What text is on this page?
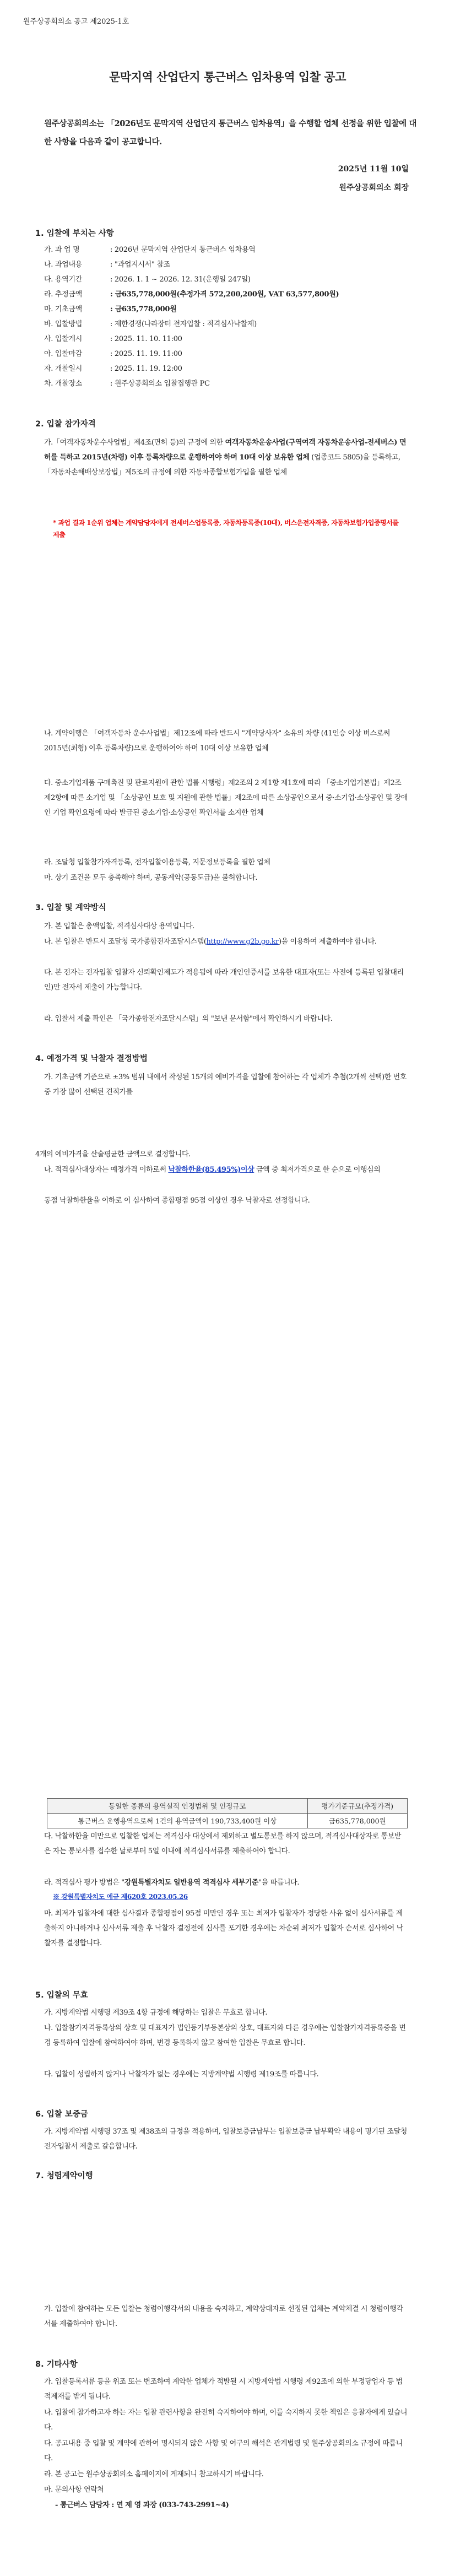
원주상공회의소 공고 제2025-1호
문막지역 산업단지 통근버스 임차용역 입찰 공고
원주상공회의소는 「2026년도 문막지역 산업단지 통근버스 임차용역」을 수행할 업체 선정을 위한 입찰에 대한 사항을 다음과 같이 공고합니다.
2025년 11월 10일
원주상공회의소 회장
1. 입찰에 부치는 사항
가. 과 업 명	: 2026년 문막지역 산업단지 통근버스 임차용역
나. 과업내용	: "과업지시서" 참조
다. 용역기간	: 2026. 1. 1 ~ 2026. 12. 31(운행일 247일)
라. 추정금액	: 금635,778,000원(추정가격 572,200,200원, VAT 63,577,800원)
마. 기초금액	: 금635,778,000원
바. 입찰방법	: 제한경쟁(나라장터 전자입찰 : 적격심사낙찰제)
사. 입찰게시	: 2025. 11. 10. 11:00
아. 입찰마감	: 2025. 11. 19. 11:00
자. 개찰일시	: 2025. 11. 19. 12:00
차. 개찰장소	: 원주상공회의소 입찰집행관 PC
2. 입찰 참가자격
가.「여객자동차운수사업법」제4조(면허 등)의 규정에 의한 여객자동차운송사업(구역여객 자동차운송사업-전세버스) 면허를 득하고 2015년(차령) 이후 등록차량으로 운행하여야 하며 10대 이상 보유한 업체 (업종코드 5805)을 등록하고, 「자동차손해배상보장법」제5조의 규정에 의한 자동차종합보험가입을 필한 업체
* 과업 결과 1순위 업체는 계약담당자에게 전세버스업등록증, 자동차등록증(10대), 버스운전자격증, 자동차보험가입증명서를 제출
나. 계약이행은 「여객자동차 운수사업법」제12조에 따라 반드시 "계약당사자" 소유의 차량 (41인승 이상 버스로써 2015년(최형) 이후 등록차량)으로 운행하여야 하며 10대 이상 보유한 업체
다. 중소기업제품 구매촉진 및 판로지원에 관한 법률 시행령」제2조의 2 제1항 제1호에 따라 「중소기업기본법」제2조 제2항에 따른 소기업 및 「소상공인 보호 및 지원에 관한 법률」제2조에 따른 소상공인으로서 중·소기업·소상공인 및 장애인 기업 확인요령에 따라 발급된 중소기업·소상공인 확인서를 소지한 업체
라. 조달청 입찰참가자격등록, 전자입찰이용등록, 지문정보등록을 필한 업체
마. 상기 조건을 모두 충족해야 하며, 공동계약(공동도급)을 불허합니다.
3. 입찰 및 계약방식
가. 본 입찰은 총액입찰, 적격심사대상 용역입니다.
나. 본 입찰은 반드시 조달청 국가종합전자조달시스템(http://www.g2b.go.kr)을 이용하여 제출하여야 합니다.
다. 본 전자는 전자입찰 입찰자 신뢰확인제도가 적용됨에 따라 개인인증서를 보유한 대표자(또는 사전에 등록된 입찰대리인)만 전자서 제출이 가능합니다.
라. 입찰서 제출 확인은 「국가종합전자조달시스템」의 "보낸 문서함"에서 확인하시기 바랍니다.
4. 예정가격 및 낙찰자 결정방법
가. 기초금액 기준으로 ±3% 범위 내에서 작성된 15개의 예비가격을 입찰에 참여하는 각 업체가 추첨(2개씩 선택)한 번호 중 가장 많이 선택된 견적가를
4개의 예비가격을 산술평균한 금액으로 결정합니다.
나. 적격심사대상자는 예정가격 이하로써 낙찰하한율(85.495%)이상 금액 중 최저가격으로 한 순으로 이행심의
동점 낙찰하한율을 이하로 이 심사하여 종합평점 95점 이상인 경우 낙찰자로 선정합니다.
동일한 종류의 용역실적 인정범위 및 인정규모	평가기준규모(추정가격)
통근버스 운행용역으로써 1건의 용역금액이 190,733,400원 이상	금635,778,000원
다. 낙찰하한율 미만으로 입찰한 업체는 적격심사 대상에서 제외하고 별도통보를 하지 않으며, 적격심사대상자로 통보받은 자는 통보사를 접수한 날로부터 5일 이내에 적격심사서류를 제출하여야 합니다.
라. 적격심사 평가 방법은 "강원특별자치도 일반용역 적격심사 세부기준"을 따릅니다.
※ 강원특별자치도 예규 제620호 2023.05.26
마. 최저가 입찰자에 대한 심사결과 종합평점이 95점 미만인 경우 또는 최저가 입찰자가 정당한 사유 없이 심사서류를 제출하지 아니하거나 심사서류 제출 후 낙찰자 결정전에 심사를 포기한 경우에는 차순위 최저가 입찰자 순서로 심사하여 낙찰자를 결정합니다.
5. 입찰의 무효
가. 지방계약법 시행령 제39조 4항 규정에 해당하는 입찰은 무효로 합니다.
나. 입찰참가자격등록상의 상호 및 대표자가 법인등기부등본상의 상호, 대표자와 다른 경우에는 입찰참가자격등록증을 변경 등록하여 입찰에 참여하여야 하며, 변경 등록하지 않고 참여한 입찰은 무효로 합니다.
다. 입찰이 성립하지 않거나 낙찰자가 없는 경우에는 지방계약법 시행령 제19조를 따릅니다.
6. 입찰 보증금
가. 지방계약법 시행령 37조 및 제38조의 규정을 적용하며, 입찰보증금납부는 입찰보증금 납부확약 내용이 명기된 조달청 전자입찰서 제출로 갈음합니다.
7. 청렴계약이행
가. 입찰에 참여하는 모든 입찰는 청렴이행각서의 내용을 숙지하고, 계약상대자로 선정된 업체는 계약체결 시 청렴이행각서를 제출하여야 합니다.
8. 기타사항
가. 입찰등록서류 등을 위조 또는 변조하여 계약한 업체가 적발될 시 지방계약법 시행령 제92조에 의한 부정당업자 등 법적제재를 받게 됩니다.
나. 입찰에 참가하고자 하는 자는 입찰 관련사항을 완전히 숙지하여야 하며, 이를 숙지하지 못한 책임은 응찰자에게 있습니다.
다. 공고내용 중 입찰 및 계약에 관하여 명시되지 않은 사항 및 여구의 해석은 관계법령 및 원주상공회의소 규정에 따릅니다.
라. 본 공고는 원주상공회의소 홈페이지에 게재되니 참고하시기 바랍니다.
마. 문의사항 연락처
- 통근버스 담당자 : 연 제 영 과장 (033-743-2991~4)
